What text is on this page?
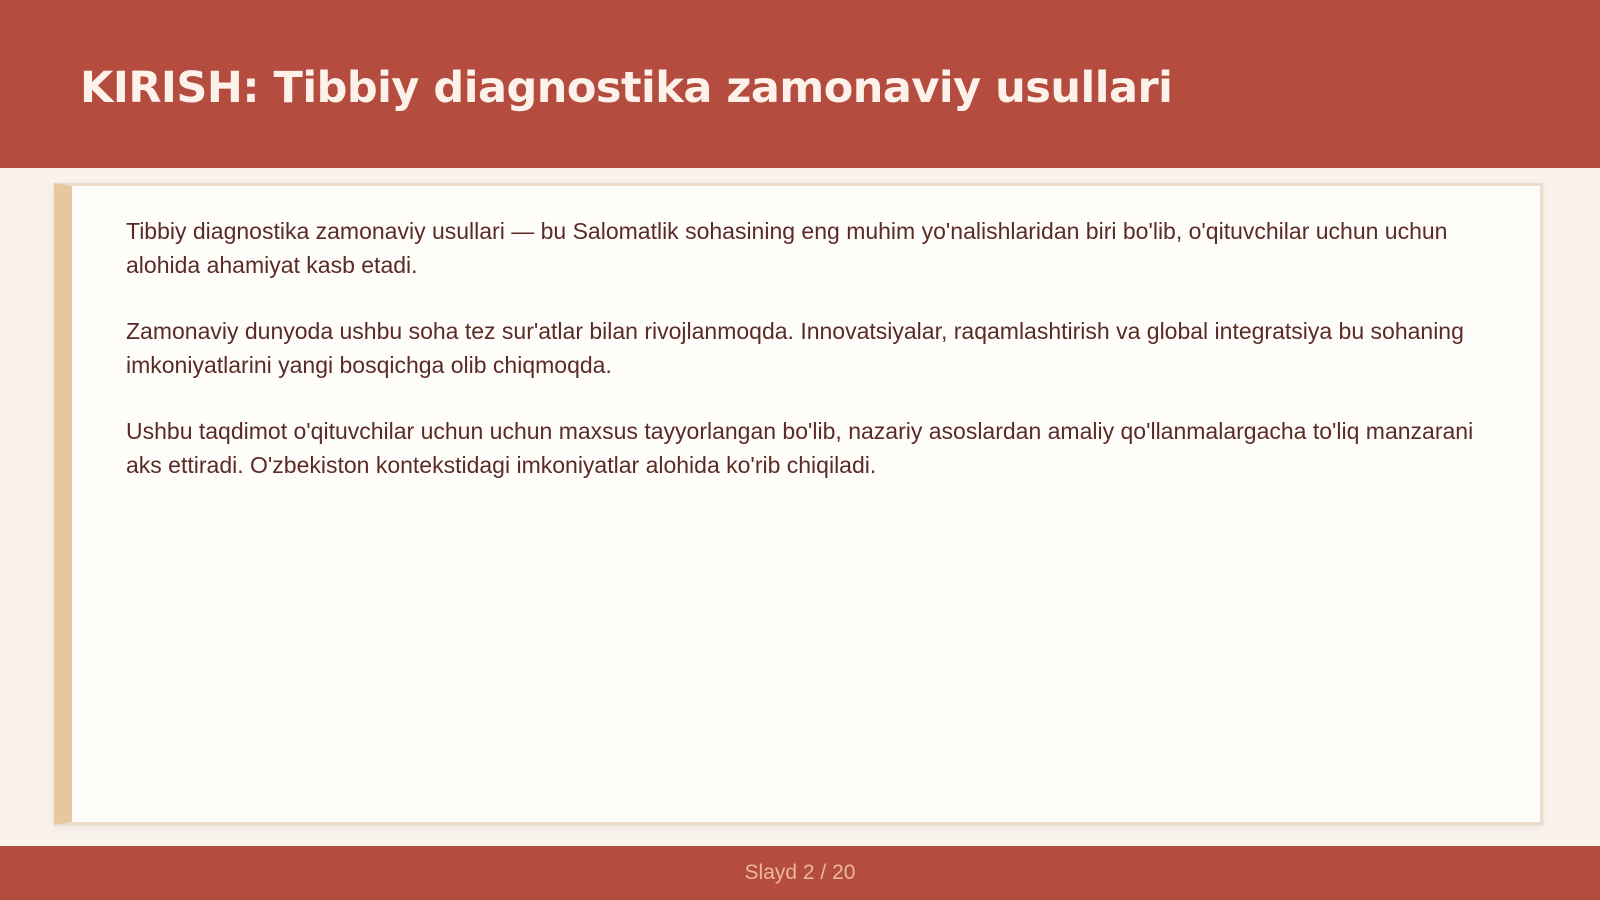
KIRISH: Tibbiy diagnostika zamonaviy usullari

Tibbiy diagnostika zamonaviy usullari — bu Salomatlik sohasining eng muhim yo'nalishlaridan biri bo'lib, o'qituvchilar uchun uchun alohida ahamiyat kasb etadi.

Zamonaviy dunyoda ushbu soha tez sur'atlar bilan rivojlanmoqda. Innovatsiyalar, raqamlashtirish va global integratsiya bu sohaning imkoniyatlarini yangi bosqichga olib chiqmoqda.

Ushbu taqdimot o'qituvchilar uchun uchun maxsus tayyorlangan bo'lib, nazariy asoslardan amaliy qo'llanmalargacha to'liq manzarani aks ettiradi. O'zbekiston kontekstidagi imkoniyatlar alohida ko'rib chiqiladi.

Slayd 2 / 20
